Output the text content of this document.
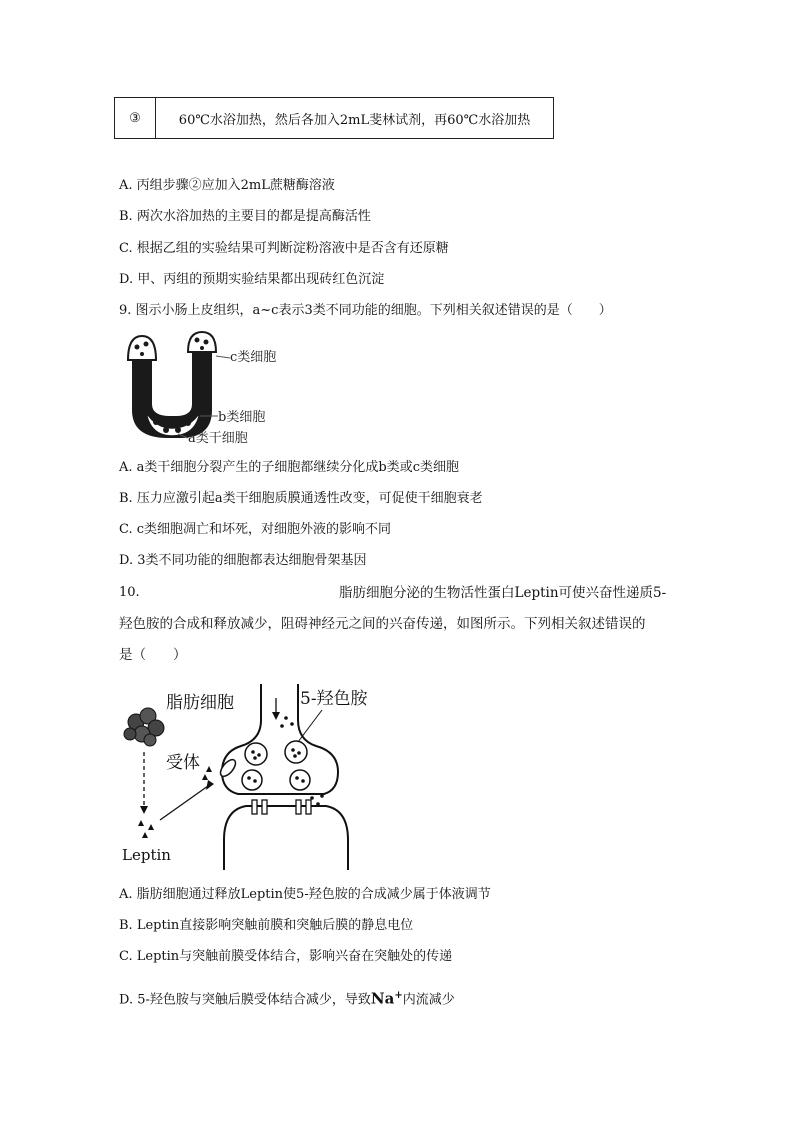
③	60℃水浴加热，然后各加入2mL斐林试剂，再60℃水浴加热
A. 丙组步骤②应加入2mL蔗糖酶溶液
B. 两次水浴加热的主要目的都是提高酶活性
C. 根据乙组的实验结果可判断淀粉溶液中是否含有还原糖
D. 甲、丙组的预期实验结果都出现砖红色沉淀
9. 图示小肠上皮组织，a~c表示3类不同功能的细胞。下列相关叙述错误的是（　　）
c类细胞
b类细胞
a类干细胞
A. a类干细胞分裂产生的子细胞都继续分化成b类或c类细胞
B. 压力应激引起a类干细胞质膜通透性改变，可促使干细胞衰老
C. c类细胞凋亡和坏死，对细胞外液的影响不同
D. 3类不同功能的细胞都表达细胞骨架基因
10.	脂肪细胞分泌的生物活性蛋白Leptin可使兴奋性递质5-
羟色胺的合成和释放减少，阻碍神经元之间的兴奋传递，如图所示。下列相关叙述错误的
是（　　）
脂肪细胞
Leptin
受体
5-羟色胺
A. 脂肪细胞通过释放Leptin使5-羟色胺的合成减少属于体液调节
B. Leptin直接影响突触前膜和突触后膜的静息电位
C. Leptin与突触前膜受体结合，影响兴奋在突触处的传递
D. 5-羟色胺与突触后膜受体结合减少，导致Na+内流减少
